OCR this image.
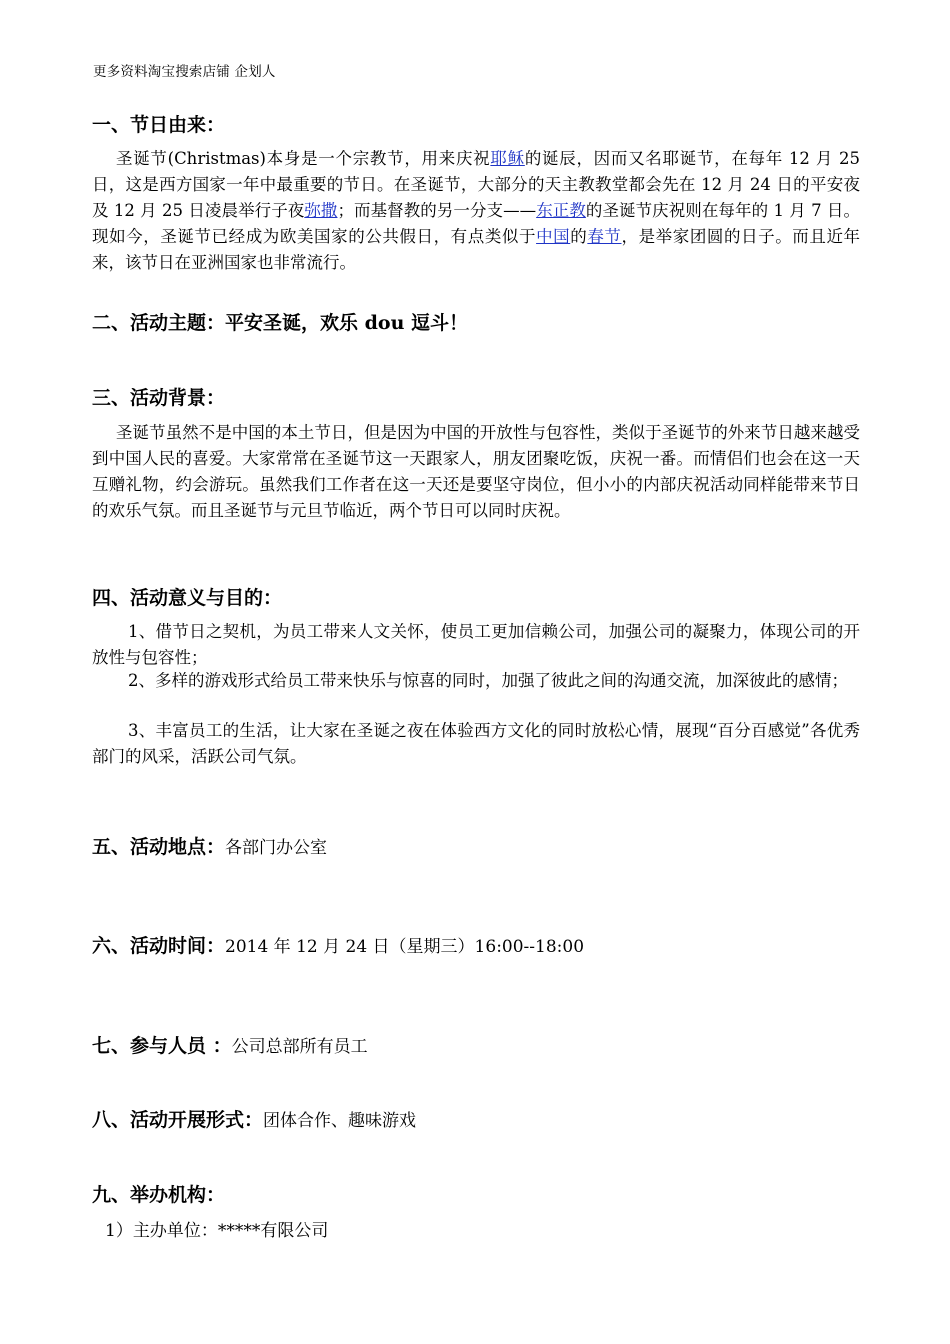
更多资料淘宝搜索店铺 企划人
一、节日由来：

圣诞节(Christmas)本身是一个宗教节，用来庆祝耶稣的诞辰，因而又名耶诞节，在每年 12 月 25 日，这是西方国家一年中最重要的节日。在圣诞节，大部分的天主教教堂都会先在 12 月 24 日的平安夜及 12 月 25 日凌晨举行子夜弥撒；而基督教的另一分支——东正教的圣诞节庆祝则在每年的 1 月 7 日。现如今，圣诞节已经成为欧美国家的公共假日，有点类似于中国的春节，是举家团圆的日子。而且近年来，该节日在亚洲国家也非常流行。

二、活动主题：平安圣诞，欢乐 dou 逗斗！
三、活动背景：

圣诞节虽然不是中国的本土节日，但是因为中国的开放性与包容性，类似于圣诞节的外来节日越来越受到中国人民的喜爱。大家常常在圣诞节这一天跟家人，朋友团聚吃饭，庆祝一番。而情侣们也会在这一天互赠礼物，约会游玩。虽然我们工作者在这一天还是要坚守岗位，但小小的内部庆祝活动同样能带来节日的欢乐气氛。而且圣诞节与元旦节临近，两个节日可以同时庆祝。

四、活动意义与目的：

1、借节日之契机，为员工带来人文关怀，使员工更加信赖公司，加强公司的凝聚力，体现公司的开放性与包容性；

2、多样的游戏形式给员工带来快乐与惊喜的同时，加强了彼此之间的沟通交流，加深彼此的感情；

3、丰富员工的生活，让大家在圣诞之夜在体验西方文化的同时放松心情，展现“百分百感觉”各优秀部门的风采，活跃公司气氛。

五、活动地点：各部门办公室
六、活动时间：2014 年 12 月 24 日（星期三）16:00--18:00
七、参与人员 ：公司总部所有员工
八、活动开展形式：团体合作、趣味游戏
九、举办机构：
1）主办单位：*****有限公司
